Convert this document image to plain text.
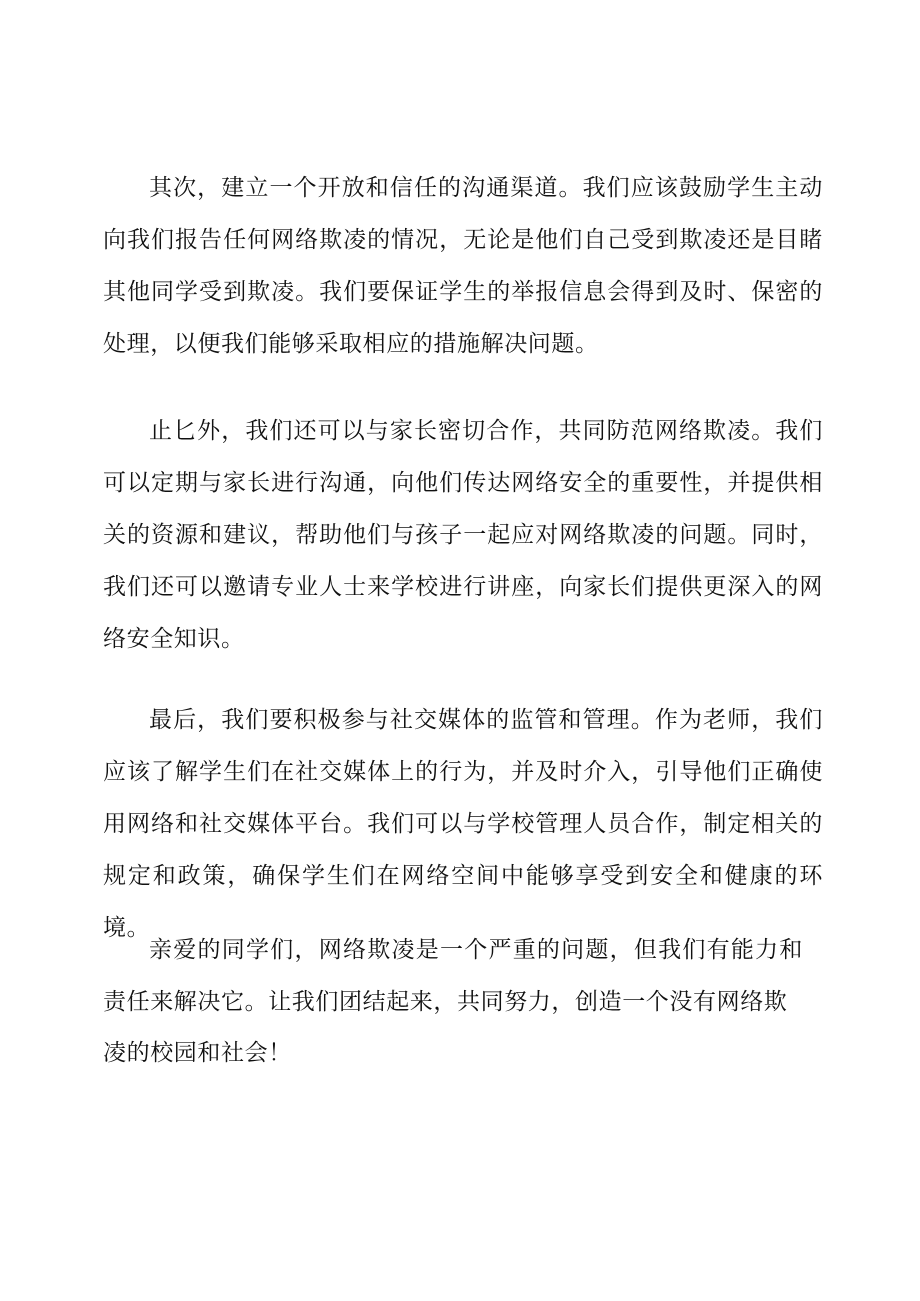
其次，建立一个开放和信任的沟通渠道。我们应该鼓励学生主动向我们报告任何网络欺凌的情况，无论是他们自己受到欺凌还是目睹其他同学受到欺凌。我们要保证学生的举报信息会得到及时、保密的处理，以便我们能够采取相应的措施解决问题。

止匕外，我们还可以与家长密切合作，共同防范网络欺凌。我们可以定期与家长进行沟通，向他们传达网络安全的重要性，并提供相关的资源和建议，帮助他们与孩子一起应对网络欺凌的问题。同时，我们还可以邀请专业人士来学校进行讲座，向家长们提供更深入的网络安全知识。

最后，我们要积极参与社交媒体的监管和管理。作为老师，我们应该了解学生们在社交媒体上的行为，并及时介入，引导他们正确使用网络和社交媒体平台。我们可以与学校管理人员合作，制定相关的规定和政策，确保学生们在网络空间中能够享受到安全和健康的环境。

亲爱的同学们，网络欺凌是一个严重的问题，但我们有能力和责任来解决它。让我们团结起来，共同努力，创造一个没有网络欺

凌的校园和社会！
